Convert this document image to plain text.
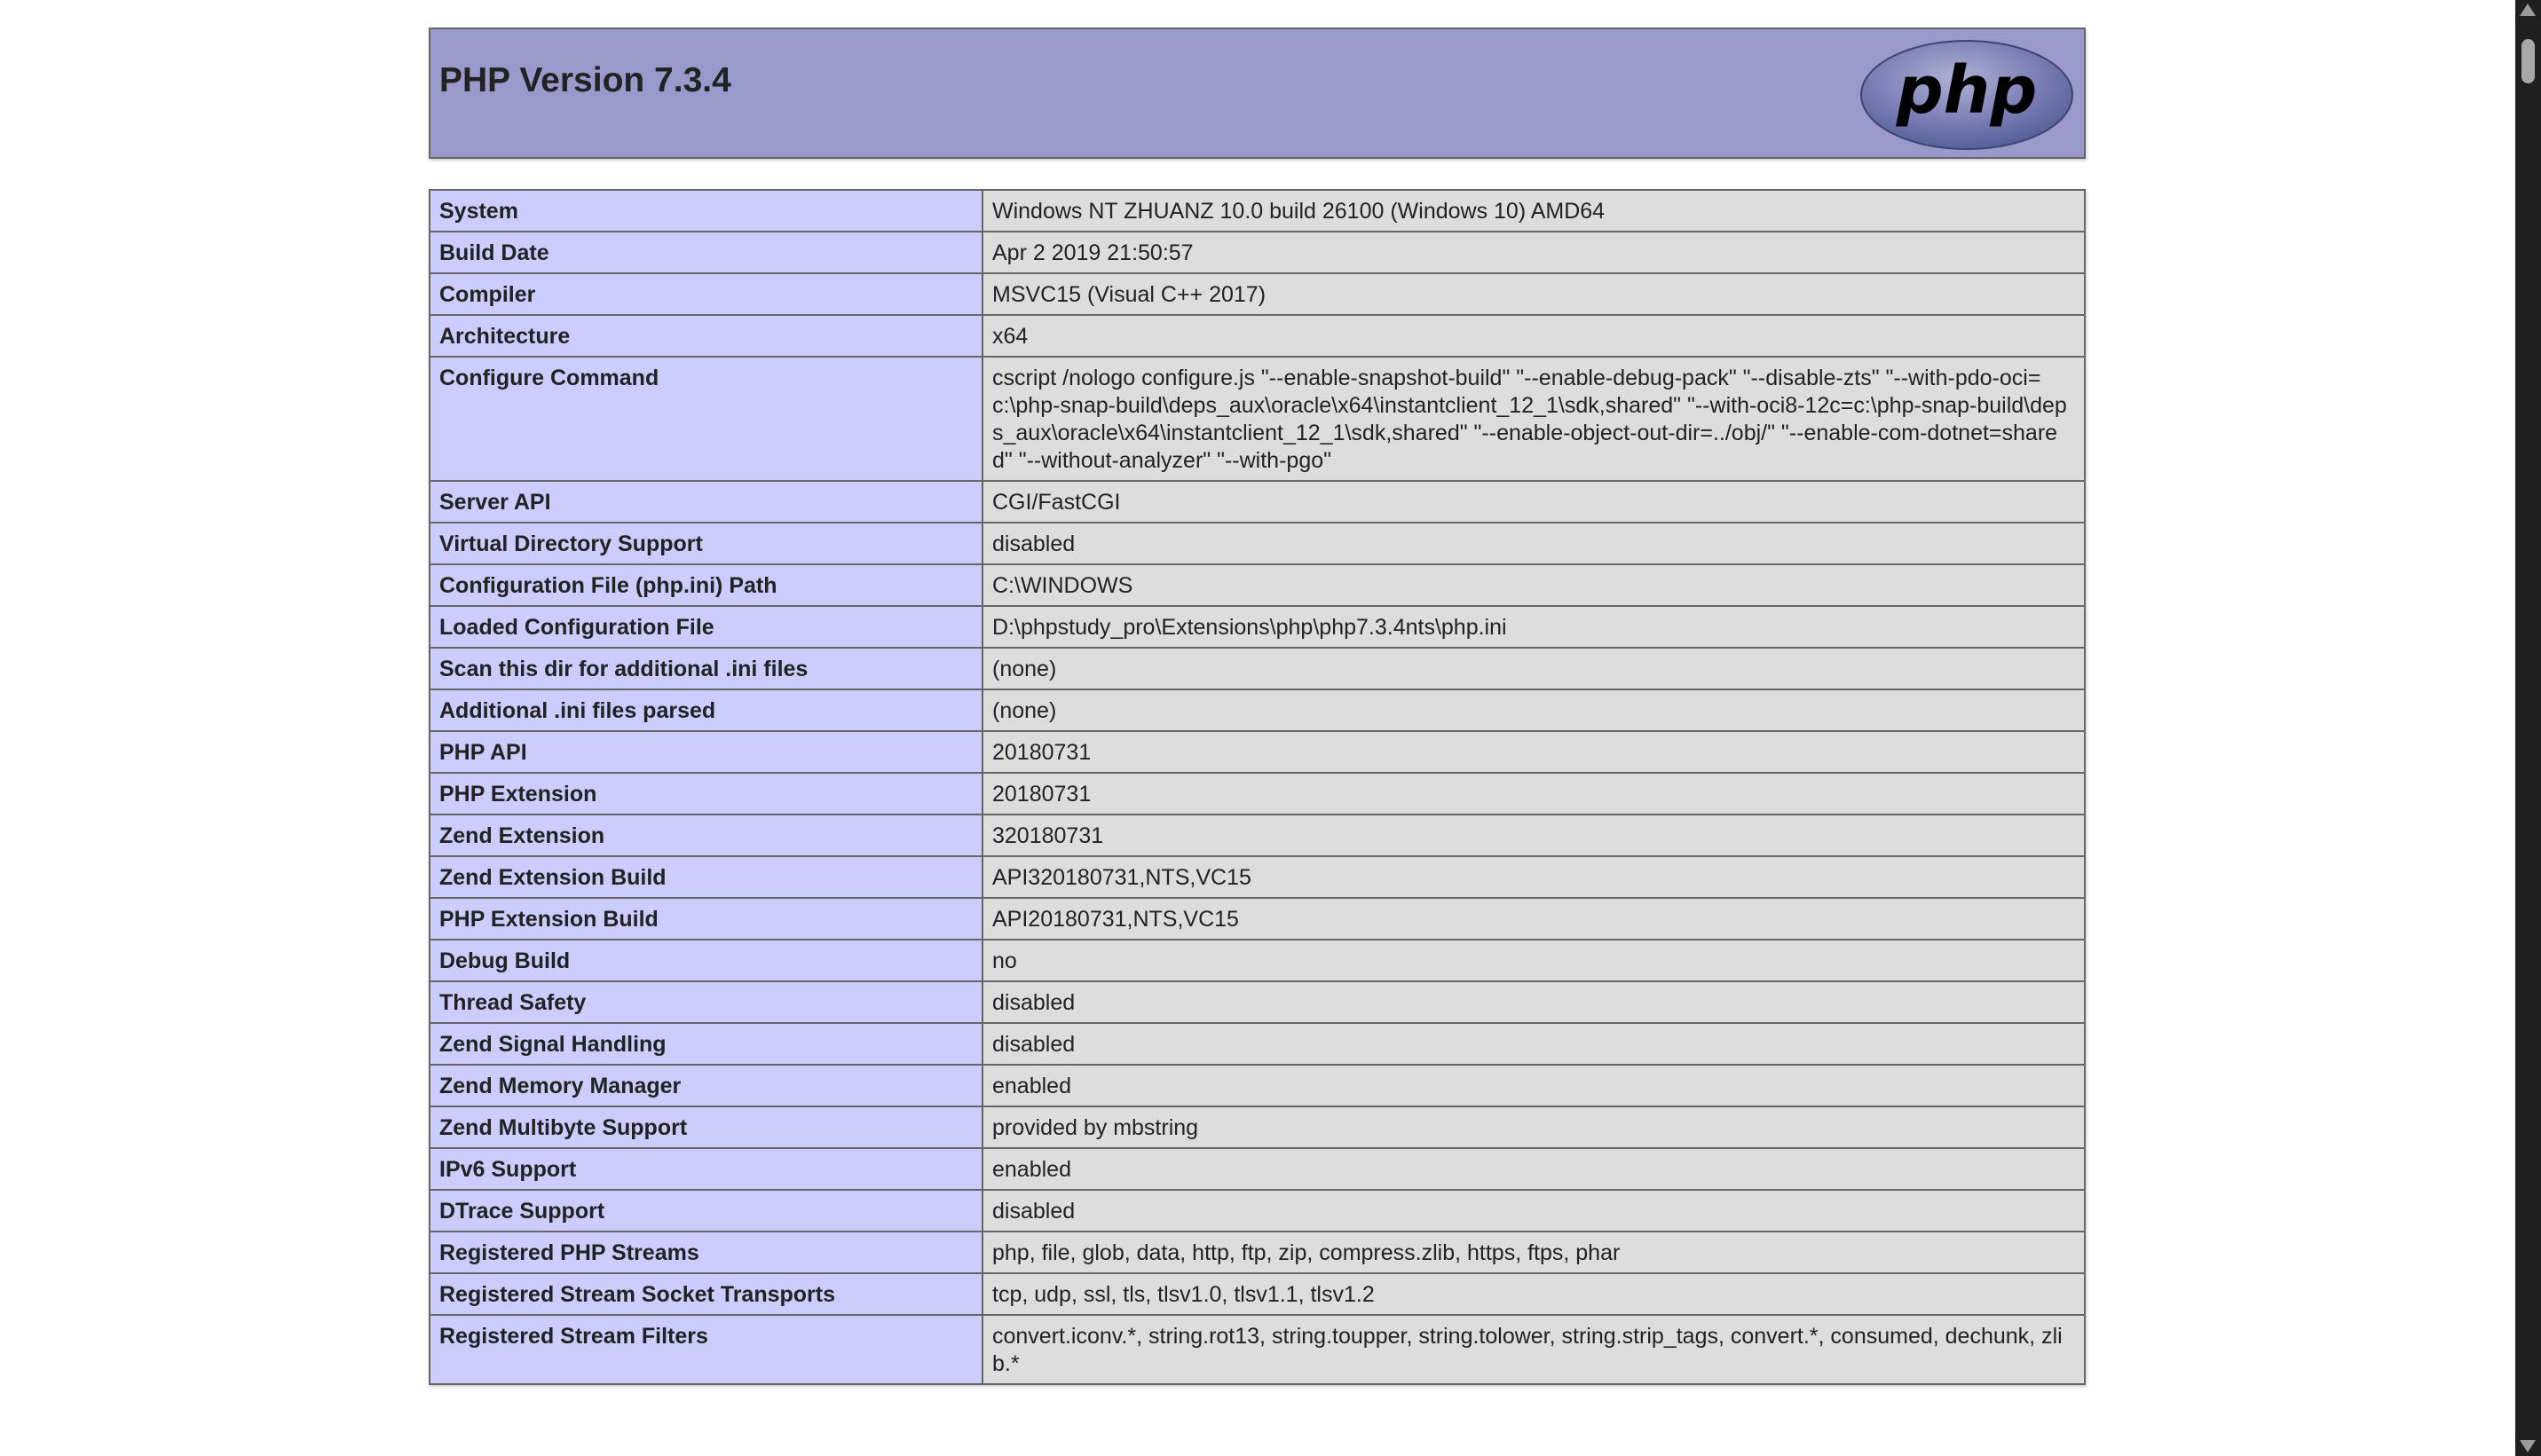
PHP Version 7.3.4	php
System	Windows NT ZHUANZ 10.0 build 26100 (Windows 10) AMD64
Build Date	Apr 2 2019 21:50:57
Compiler	MSVC15 (Visual C++ 2017)
Architecture	x64
Configure Command	cscript /nologo configure.js "--enable-snapshot-build" "--enable-debug-pack" "--disable-zts" "--with-pdo-oci=c:\php-snap-build\deps_aux\oracle\x64\instantclient_12_1\sdk,shared" "--with-oci8-12c=c:\php-snap-build\deps_aux\oracle\x64\instantclient_12_1\sdk,shared" "--enable-object-out-dir=../obj/" "--enable-com-dotnet=shared" "--without-analyzer" "--with-pgo"
Server API	CGI/FastCGI
Virtual Directory Support	disabled
Configuration File (php.ini) Path	C:\WINDOWS
Loaded Configuration File	D:\phpstudy_pro\Extensions\php\php7.3.4nts\php.ini
Scan this dir for additional .ini files	(none)
Additional .ini files parsed	(none)
PHP API	20180731
PHP Extension	20180731
Zend Extension	320180731
Zend Extension Build	API320180731,NTS,VC15
PHP Extension Build	API20180731,NTS,VC15
Debug Build	no
Thread Safety	disabled
Zend Signal Handling	disabled
Zend Memory Manager	enabled
Zend Multibyte Support	provided by mbstring
IPv6 Support	enabled
DTrace Support	disabled
Registered PHP Streams	php, file, glob, data, http, ftp, zip, compress.zlib, https, ftps, phar
Registered Stream Socket Transports	tcp, udp, ssl, tls, tlsv1.0, tlsv1.1, tlsv1.2
Registered Stream Filters	convert.iconv.*, string.rot13, string.toupper, string.tolower, string.strip_tags, convert.*, consumed, dechunk, zlib.*
